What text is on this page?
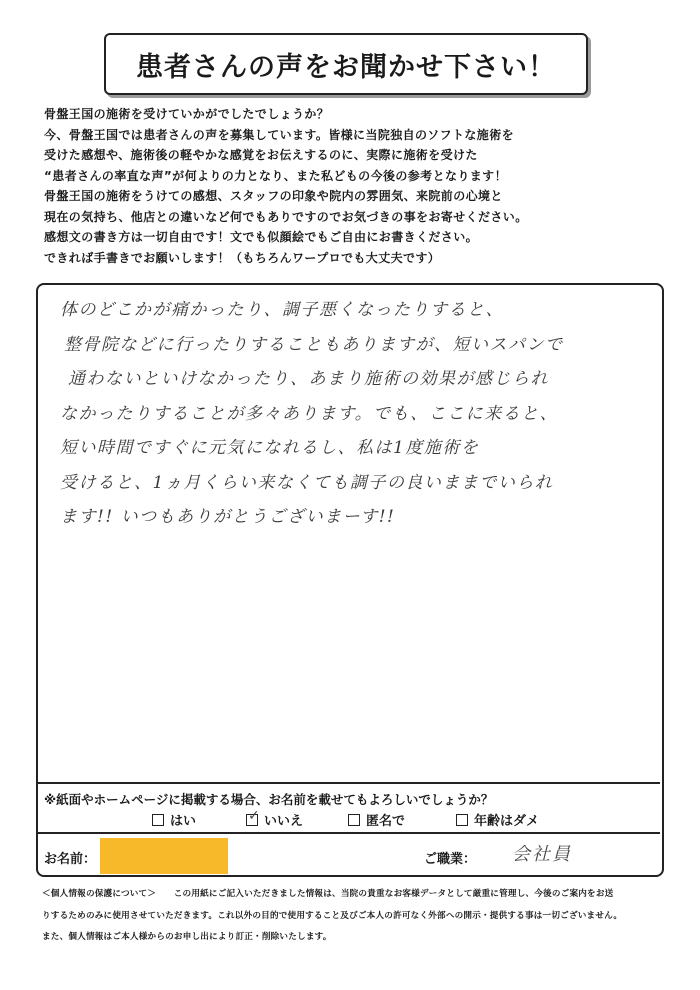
患者さんの声をお聞かせ下さい！
骨盤王国の施術を受けていかがでしたでしょうか？
今、骨盤王国では患者さんの声を募集しています。皆様に当院独自のソフトな施術を
受けた感想や、施術後の軽やかな感覚をお伝えするのに、実際に施術を受けた
“患者さんの率直な声”が何よりの力となり、また私どもの今後の参考となります！
骨盤王国の施術をうけての感想、スタッフの印象や院内の雰囲気、来院前の心境と
現在の気持ち、他店との違いなど何でもありですのでお気づきの事をお寄せください。
感想文の書き方は一切自由です！文でも似顔絵でもご自由にお書きください。
できれば手書きでお願いします！（もちろんワープロでも大丈夫です）
体のどこかが痛かったり、調子悪くなったりすると、
整骨院などに行ったりすることもありますが、短いスパンで
通わないといけなかったり、あまり施術の効果が感じられ
なかったりすることが多々あります。でも、ここに来ると、
短い時間ですぐに元気になれるし、私は1度施術を
受けると、1ヵ月くらい来なくても調子の良いままでいられ
ます!! いつもありがとうございまーす!!
※紙面やホームページに掲載する場合、お名前を載せてもよろしいでしょうか？
はい	✓ いいえ	匿名で	年齢はダメ
お名前：	ご職業： 会社員
＜個人情報の保護について＞　　この用紙にご記入いただきました情報は、当院の貴重なお客様データとして厳重に管理し、今後のご案内をお送
りするためのみに使用させていただきます。これ以外の目的で使用すること及びご本人の許可なく外部への開示・提供する事は一切ございません。
また、個人情報はご本人様からのお申し出により訂正・削除いたします。
